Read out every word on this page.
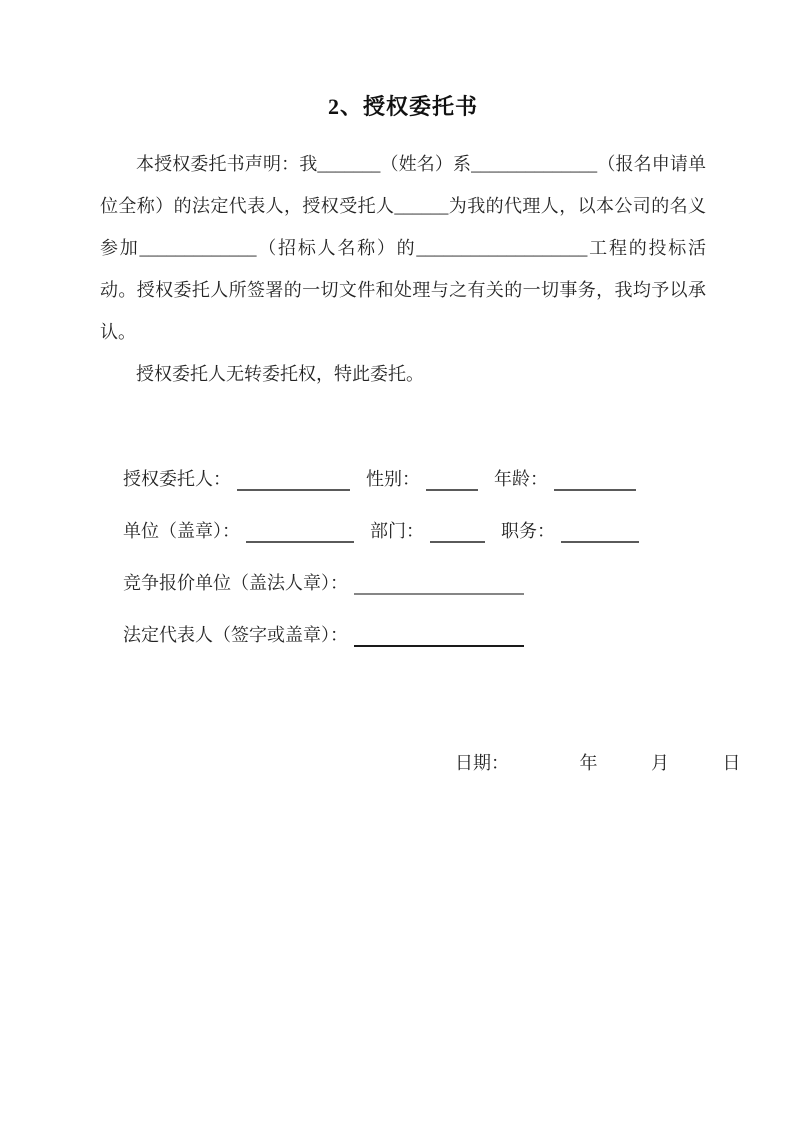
2、授权委托书

本授权委托书声明：我_______（姓名）系______________（报名申请单位全称）的法定代表人，授权受托人______为我的代理人，以本公司的名义参加_____________（招标人名称）的___________________工程的投标活动。授权委托人所签署的一切文件和处理与之有关的一切事务，我均予以承认。

授权委托人无转委托权，特此委托。

授权委托人：	性别：	年龄：
单位（盖章）：	部门：	职务：
竞争报价单位（盖法人章）：
法定代表人（签字或盖章）：
日期：	年	月	日
